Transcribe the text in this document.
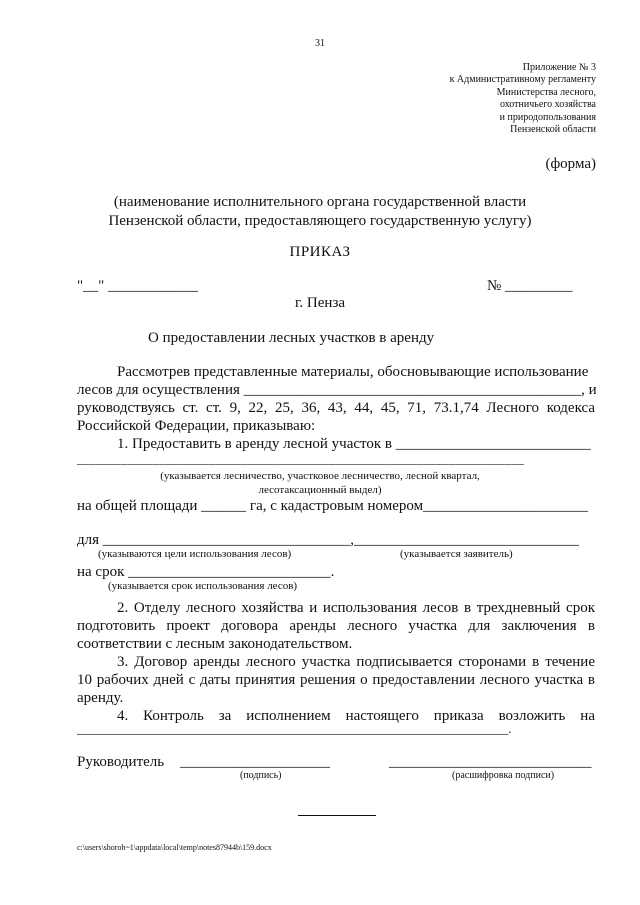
31
Приложение № 3
к Административному регламенту
Министерства лесного,
охотничьего хозяйства
и природопользования
Пензенской области
(форма)
(наименование исполнительного органа государственной власти
Пензенской области, предоставляющего государственную услугу)
ПРИКАЗ
"__" ____________	№ _________
г. Пенза
О предоставлении лесных участков в аренду
Рассмотрев представленные материалы, обосновывающие использование
лесов для осуществления _____________________________________________, и
руководствуясь ст. ст. 9, 22, 25, 36, 43, 44, 45, 71, 73.1,74 Лесного кодекса
Российской Федерации, приказываю:
1. Предоставить в аренду лесной участок в __________________________
_______________________________________________________________________
(указывается лесничество, участковое лесничество, лесной квартал,
лесотаксационный выдел)
на общей площади ______ га, с кадастровым номером______________________
для _________________________________,______________________________
(указываются цели использования лесов)	(указывается заявитель)
на срок ___________________________.
(указывается срок использования лесов)
2. Отделу лесного хозяйства и использования лесов в трехдневный срок
подготовить проект договора аренды лесного участка для заключения в
соответствии с лесным законодательством.
3. Договор аренды лесного участка подписывается сторонами в течение
10 рабочих дней с даты принятия решения о предоставлении лесного участка в
аренду.
4. Контроль за исполнением настоящего приказа возложить на
_____________________________________________________________________.
Руководитель ____________________
(подпись)
___________________________
(расшифровка подписи)
c:\users\shoroh~1\appdata\local\temp\notes87944b\159.docx
